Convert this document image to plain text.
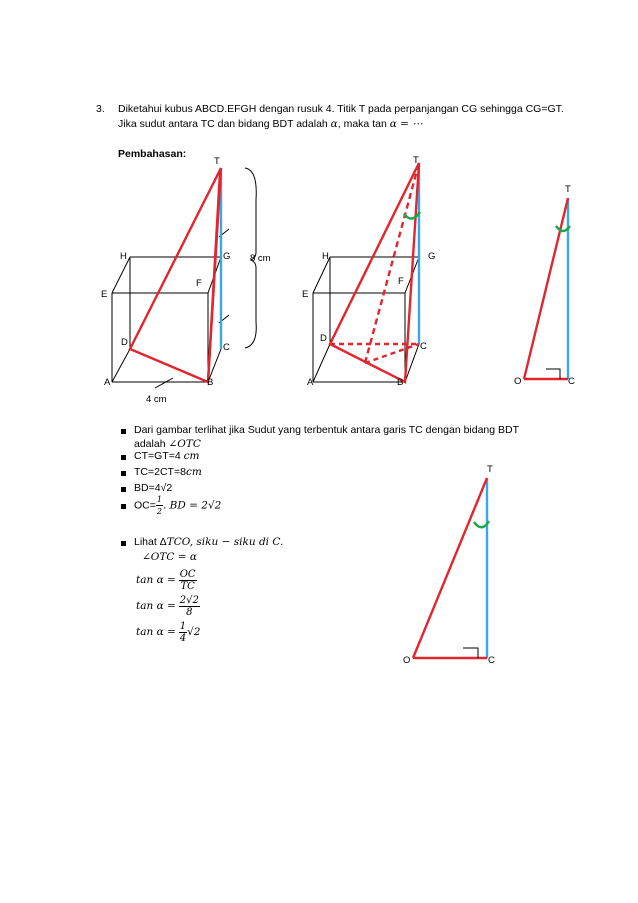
3. Diketahui kubus ABCD.EFGH dengan rusuk 4. Titik T pada perpanjangan CG sehingga CG=GT.
Jika sudut antara TC dan bidang BDT adalah α, maka tan α = ⋯
Pembahasan:
T
H	G
E
F
D	C
A	B
8 cm
4 cm
T
H	G
E
F
D
C
A	B
T
O	C
T
O	C
Dari gambar terlihat jika Sudut yang terbentuk antara garis TC dengan bidang BDT
adalah ∠OTC
CT=GT=4 cm
TC=2CT=8cm
BD=4√2
$OC= \frac{1}{2}$ . BD = 2√2
Lihat ΔTCO, siku − siku di C.
∠OTC = α
$\tan \alpha = \frac{OC}{TC}$
$\tan \alpha = \frac{2√2}{8}$
$\tan \alpha = \frac{1}{4} √2$
